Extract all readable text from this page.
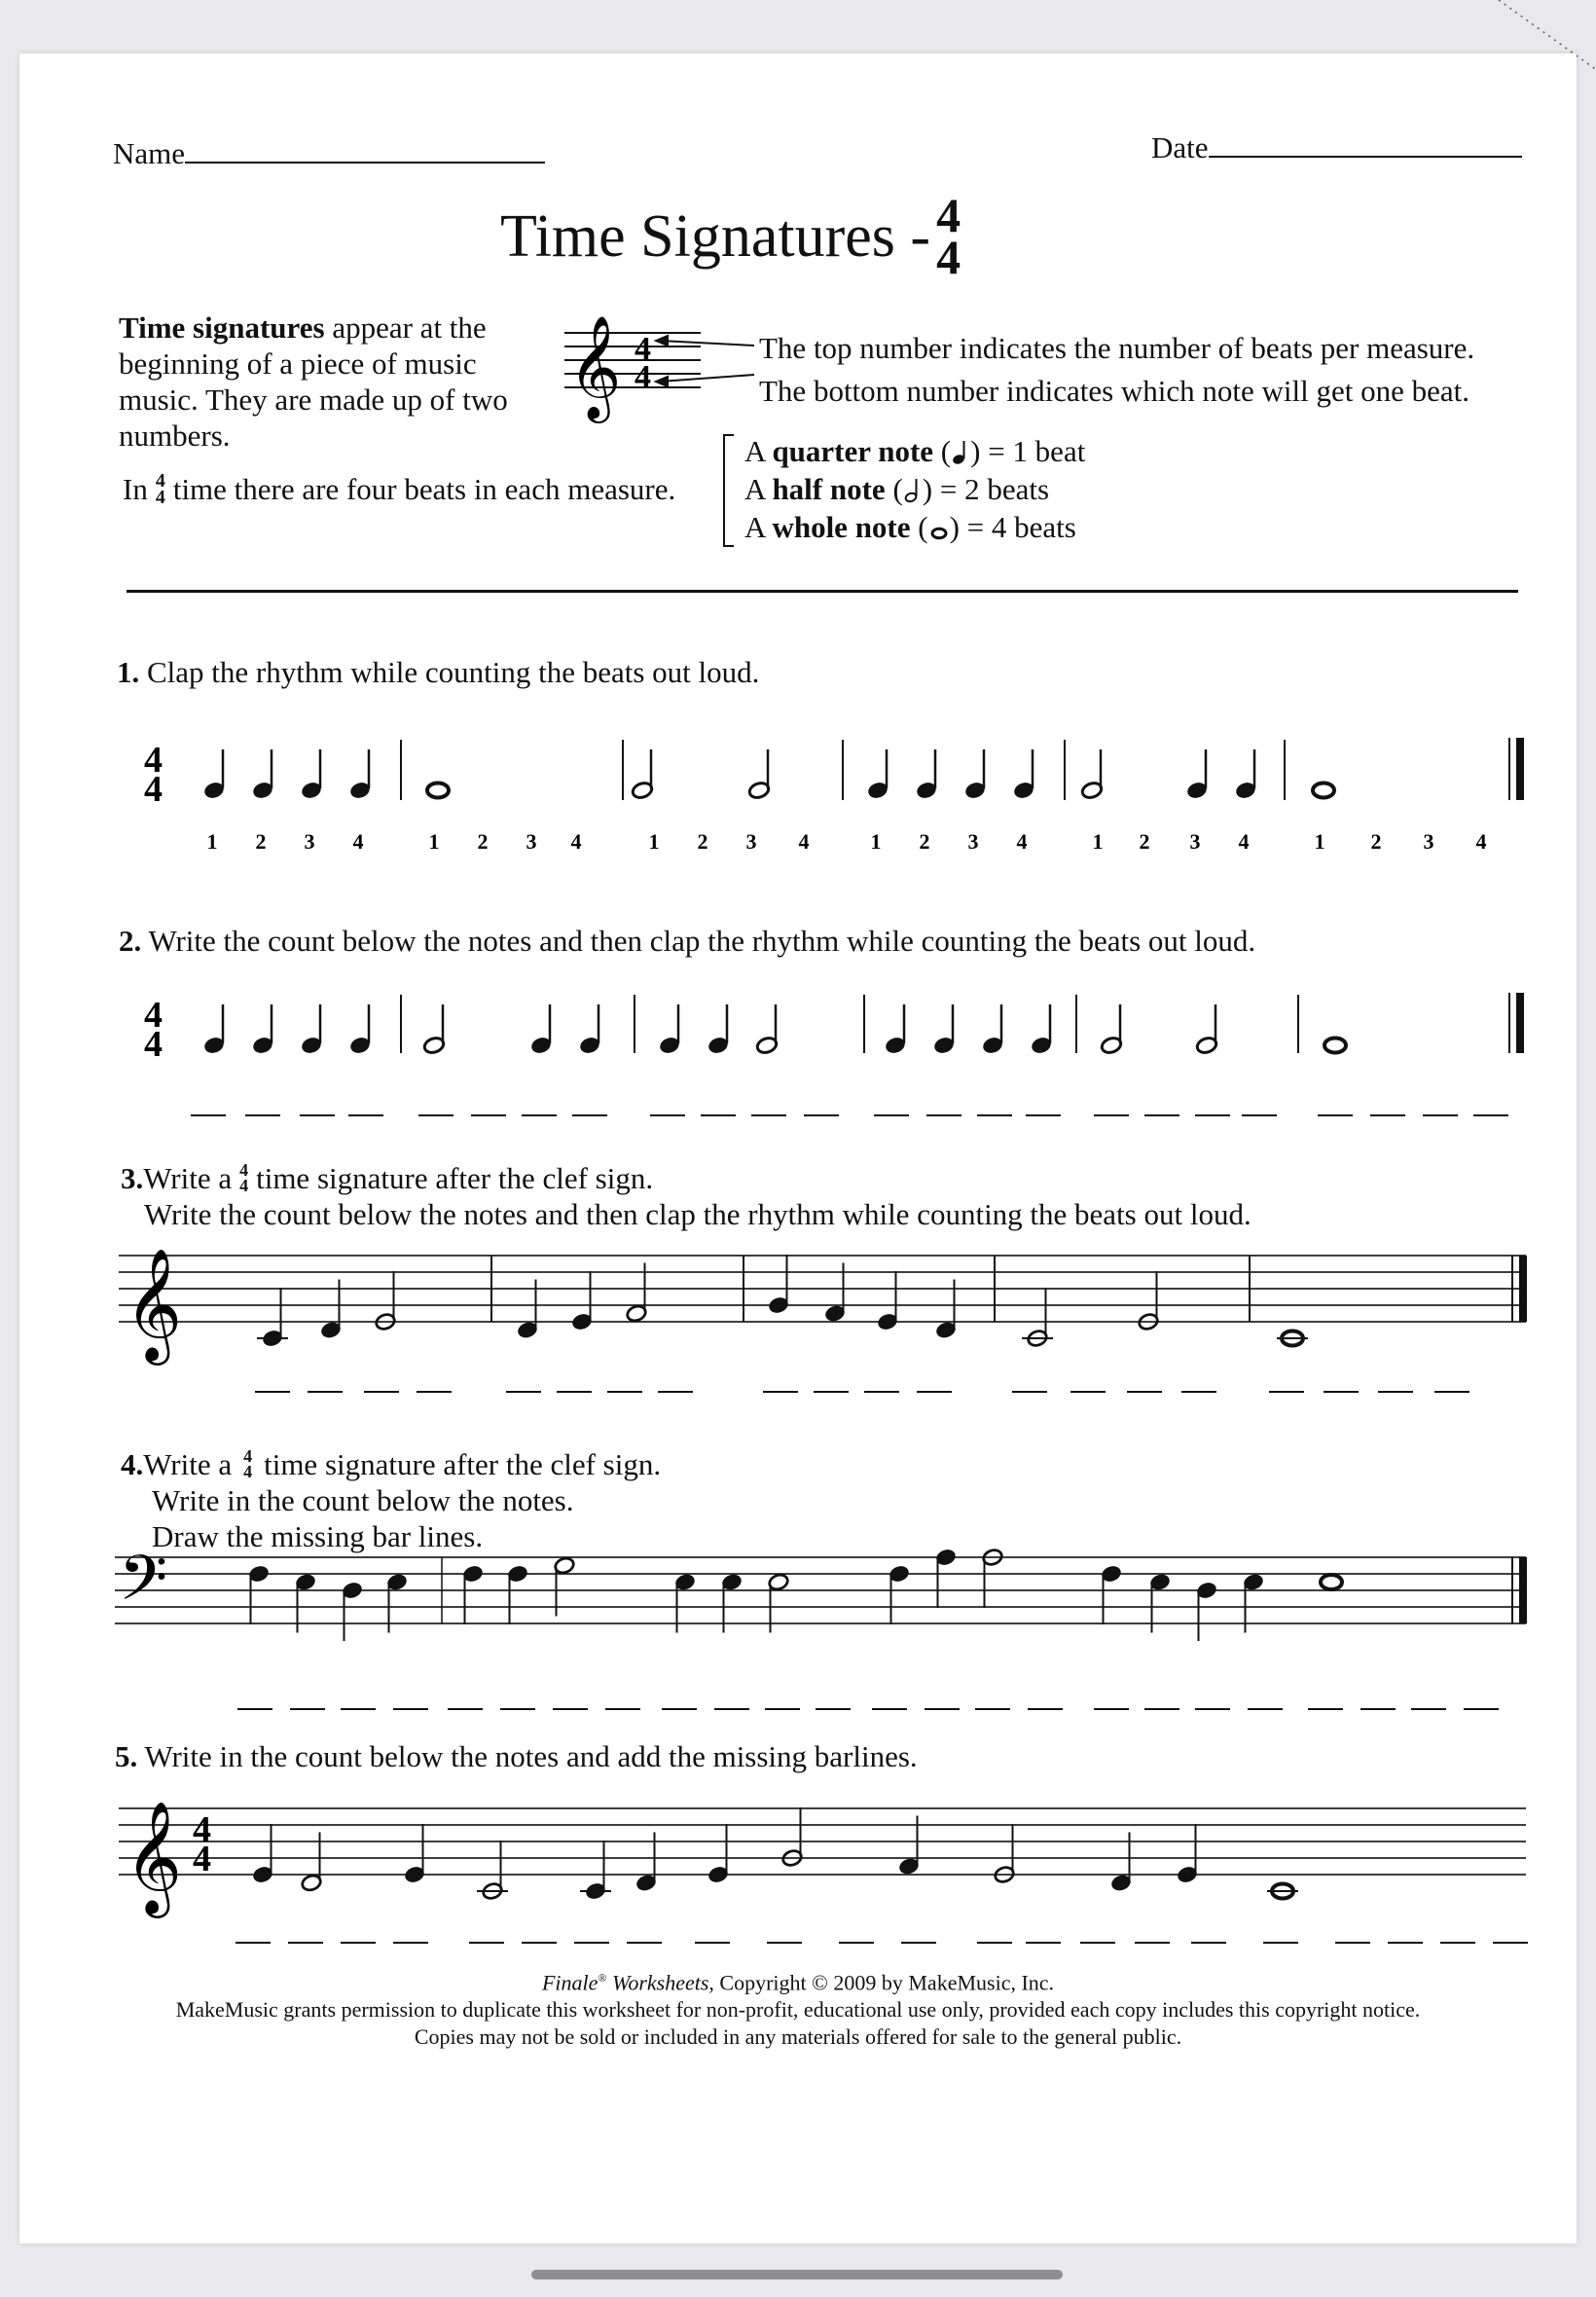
Name	Date
Time Signatures - 4
4
Time signatures appear at the
beginning of a piece of music
music. They are made up of two
numbers.
𝄞 4
4
The top number indicates the number of beats per measure.
The bottom number indicates which note will get one beat.
In 4
4 time there are four beats in each measure.
A quarter note ( ) = 1 beat
A half note ( ) = 2 beats
A whole note ( ) = 4 beats
1. Clap the rhythm while counting the beats out loud.
2. Write the count below the notes and then clap the rhythm while counting the beats out loud.
3. Write a 4
4 time signature after the clef sign.
Write the count below the notes and then clap the rhythm while counting the beats out loud.
4. Write a 4
4 time signature after the clef sign.
Write in the count below the notes.
Draw the missing bar lines.
5. Write in the count below the notes and add the missing barlines.
4
4
1 2 3 4	1 2 3 4	1 2 3 4	1 2 3 4	1 2 3 4	1 2 3 4
4
4
𝄞
𝄢
𝄞 4
4
Finale® Worksheets, Copyright © 2009 by MakeMusic, Inc.
MakeMusic grants permission to duplicate this worksheet for non-profit, educational use only, provided each copy includes this copyright notice.
Copies may not be sold or included in any materials offered for sale to the general public.
